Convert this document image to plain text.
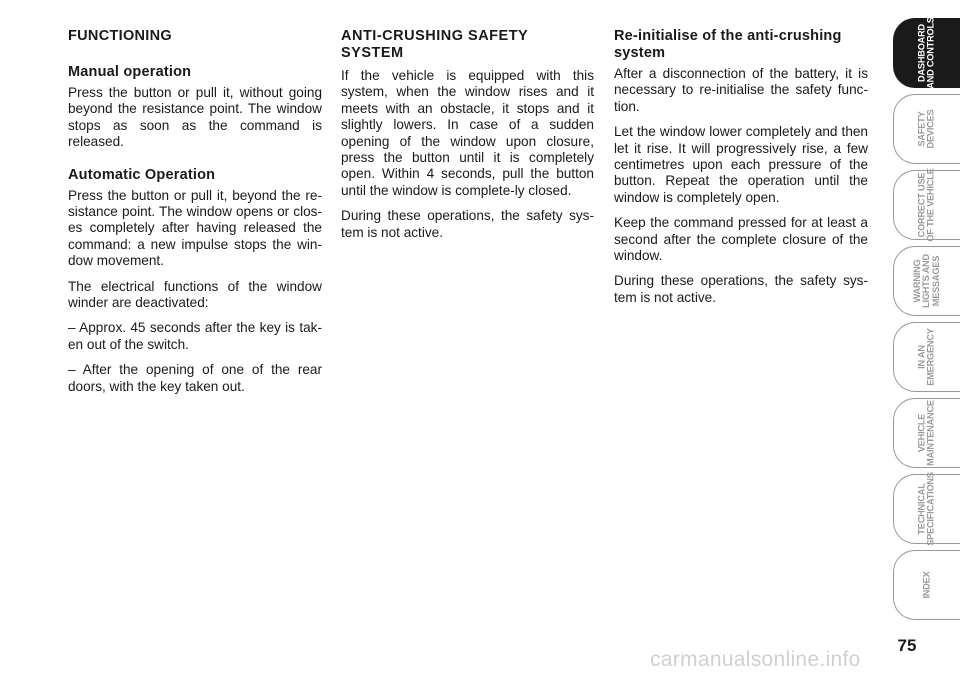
FUNCTIONING
Manual operation

Press the button or pull it, without going beyond the resistance point. The window stops as soon as the command is released.

Automatic Operation

Press the button or pull it, beyond the re-sistance point. The window opens or clos-es completely after having released the command: a new impulse stops the win-dow movement.

The electrical functions of the window winder are deactivated:

– Approx. 45 seconds after the key is tak-en out of the switch.

– After the opening of one of the rear doors, with the key taken out.

ANTI-CRUSHING SAFETY
SYSTEM

If the vehicle is equipped with this system, when the window rises and it meets with an obstacle, it stops and it slightly lowers. In case of a sudden opening of the window upon closure, press the button until it is completely open. Within 4 seconds, pull the button until the window is complete-ly closed.

During these operations, the safety sys-tem is not active.

Re-initialise of the anti-crushing
system

After a disconnection of the battery, it is necessary to re-initialise the safety func-tion.

Let the window lower completely and then let it rise. It will progressively rise, a few centimetres upon each pressure of the button. Repeat the operation until the window is completely open.

Keep the command pressed for at least a second after the complete closure of the window.

During these operations, the safety sys-tem is not active.

DASHBOARD
AND CONTROLS
SAFETY
DEVICES
CORRECT USE
OF THE VEHICLE
WARNING
LIGHTS AND
MESSAGES
IN AN
EMERGENCY
VEHICLE
MAINTENANCE
TECHNICAL
SPECIFICATIONS
INDEX
75
carmanualsonline.info
